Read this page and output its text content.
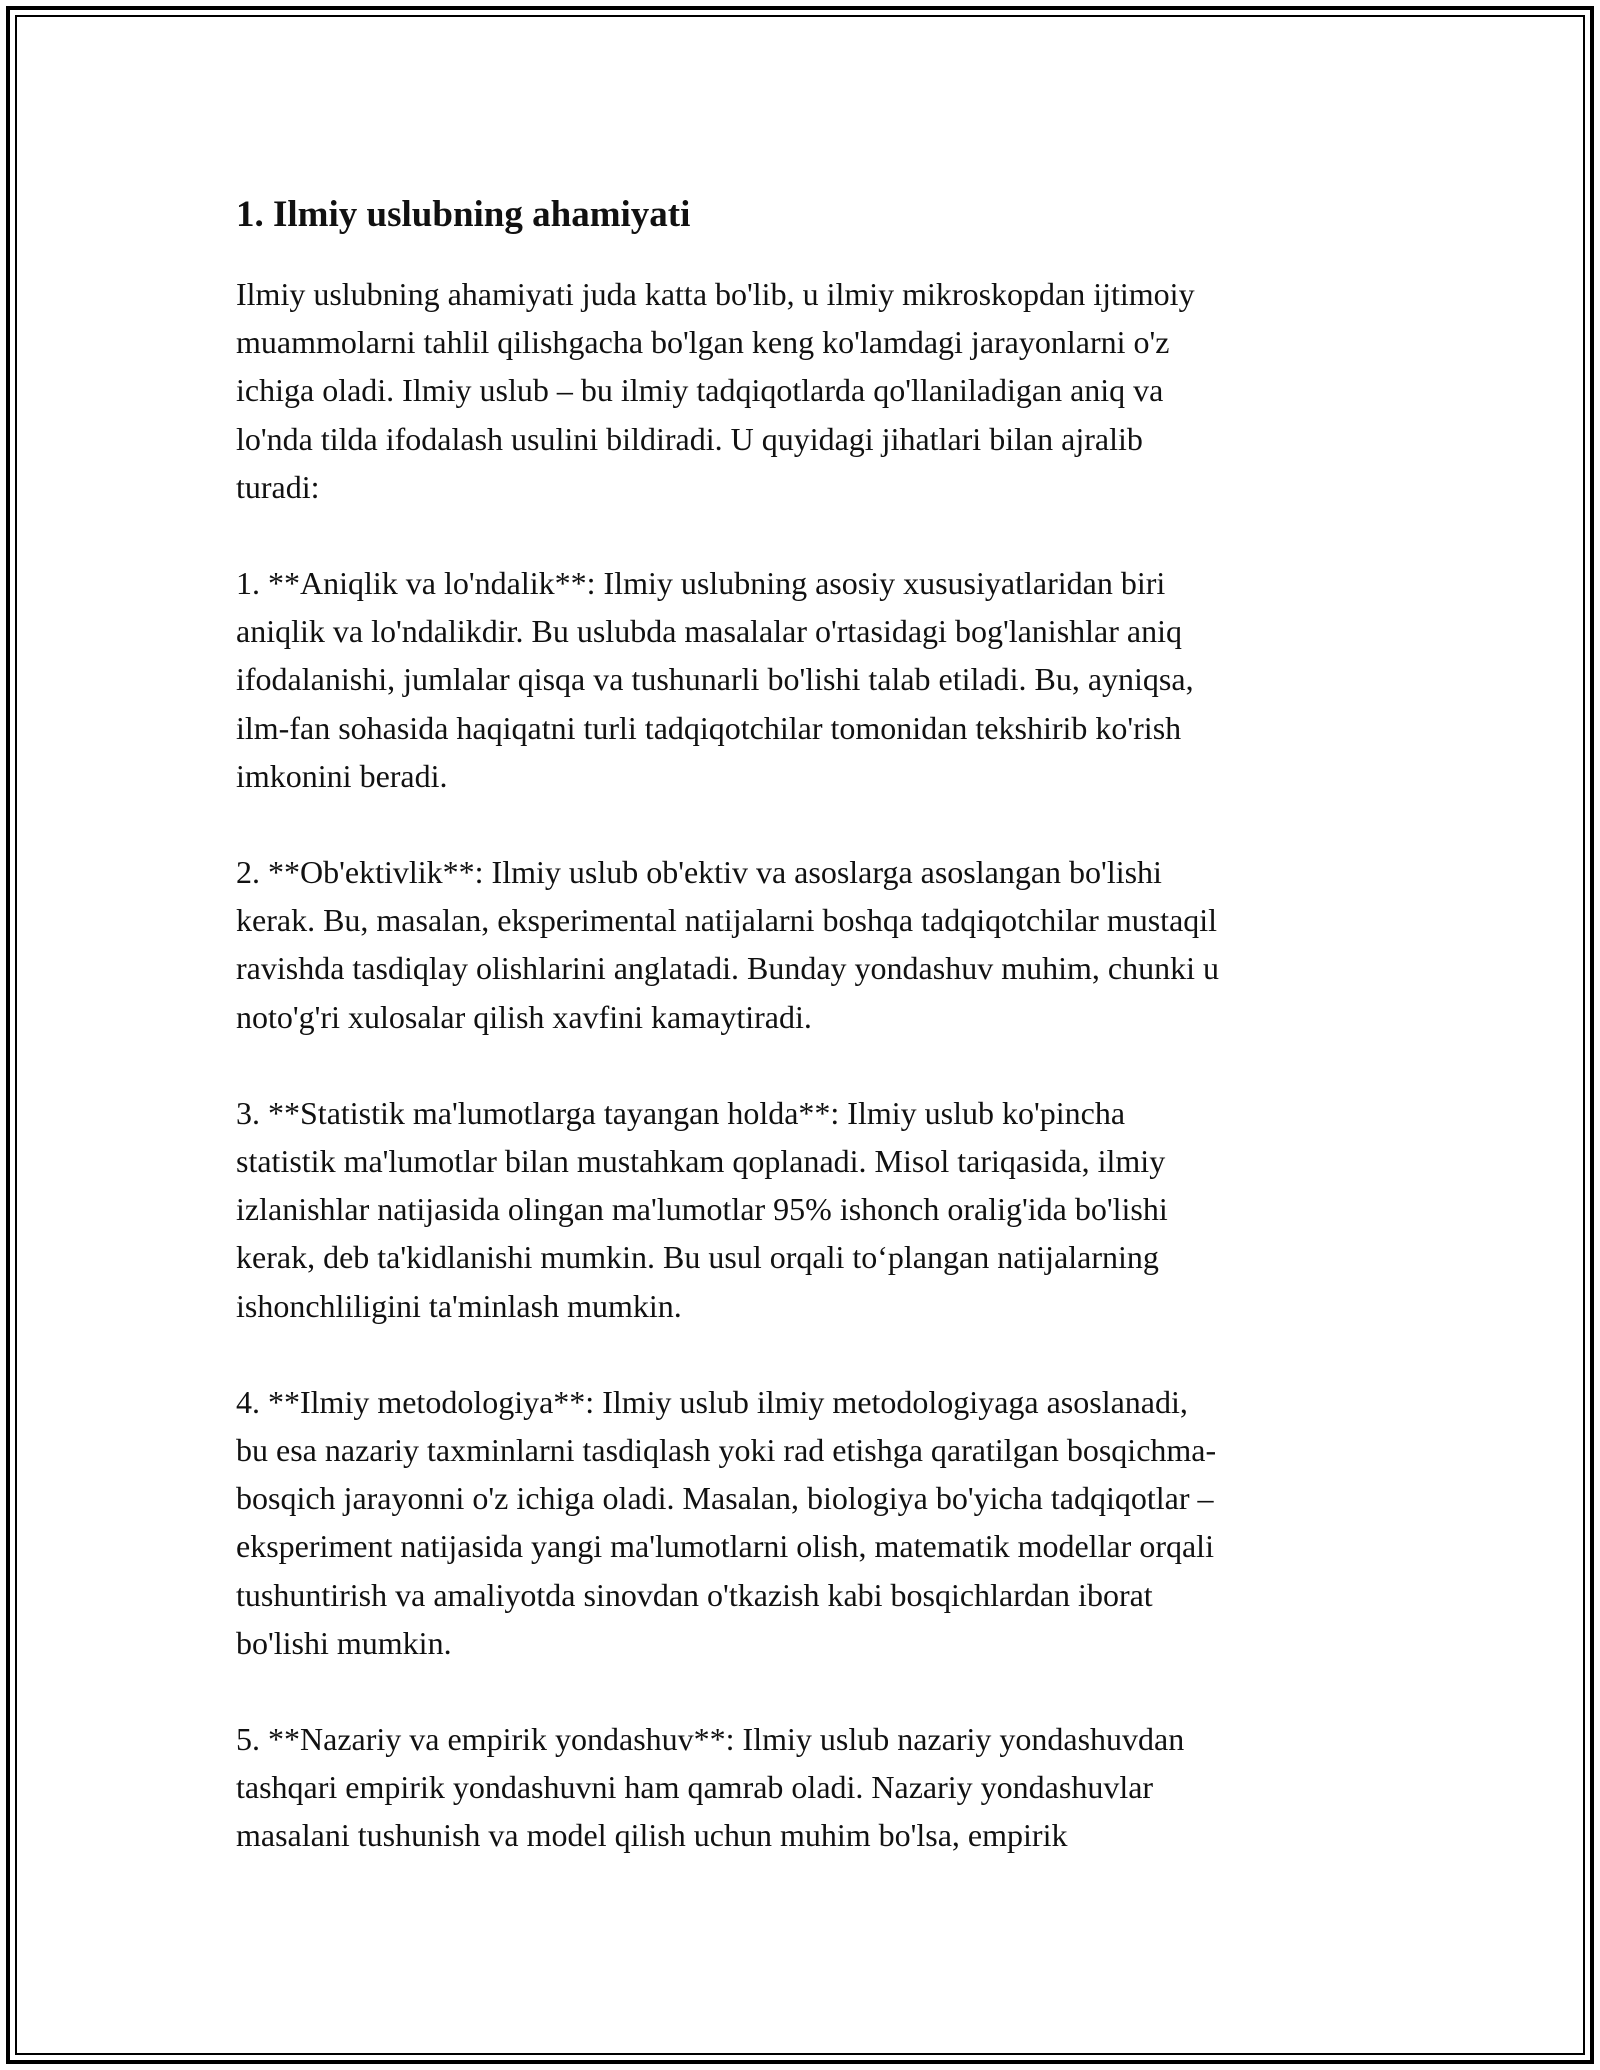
1. Ilmiy uslubning ahamiyati

Ilmiy uslubning ahamiyati juda katta bo'lib, u ilmiy mikroskopdan ijtimoiy
muammolarni tahlil qilishgacha bo'lgan keng ko'lamdagi jarayonlarni o'z
ichiga oladi. Ilmiy uslub – bu ilmiy tadqiqotlarda qo'llaniladigan aniq va
lo'nda tilda ifodalash usulini bildiradi. U quyidagi jihatlari bilan ajralib
turadi:

1. **Aniqlik va lo'ndalik**: Ilmiy uslubning asosiy xususiyatlaridan biri
aniqlik va lo'ndalikdir. Bu uslubda masalalar o'rtasidagi bog'lanishlar aniq
ifodalanishi, jumlalar qisqa va tushunarli bo'lishi talab etiladi. Bu, ayniqsa,
ilm-fan sohasida haqiqatni turli tadqiqotchilar tomonidan tekshirib ko'rish
imkonini beradi.

2. **Ob'ektivlik**: Ilmiy uslub ob'ektiv va asoslarga asoslangan bo'lishi
kerak. Bu, masalan, eksperimental natijalarni boshqa tadqiqotchilar mustaqil
ravishda tasdiqlay olishlarini anglatadi. Bunday yondashuv muhim, chunki u
noto'g'ri xulosalar qilish xavfini kamaytiradi.

3. **Statistik ma'lumotlarga tayangan holda**: Ilmiy uslub ko'pincha
statistik ma'lumotlar bilan mustahkam qoplanadi. Misol tariqasida, ilmiy
izlanishlar natijasida olingan ma'lumotlar 95% ishonch oralig'ida bo'lishi
kerak, deb ta'kidlanishi mumkin. Bu usul orqali to‘plangan natijalarning
ishonchliligini ta'minlash mumkin.

4. **Ilmiy metodologiya**: Ilmiy uslub ilmiy metodologiyaga asoslanadi,
bu esa nazariy taxminlarni tasdiqlash yoki rad etishga qaratilgan bosqichma-
bosqich jarayonni o'z ichiga oladi. Masalan, biologiya bo'yicha tadqiqotlar –
eksperiment natijasida yangi ma'lumotlarni olish, matematik modellar orqali
tushuntirish va amaliyotda sinovdan o'tkazish kabi bosqichlardan iborat
bo'lishi mumkin.

5. **Nazariy va empirik yondashuv**: Ilmiy uslub nazariy yondashuvdan
tashqari empirik yondashuvni ham qamrab oladi. Nazariy yondashuvlar
masalani tushunish va model qilish uchun muhim bo'lsa, empirik
